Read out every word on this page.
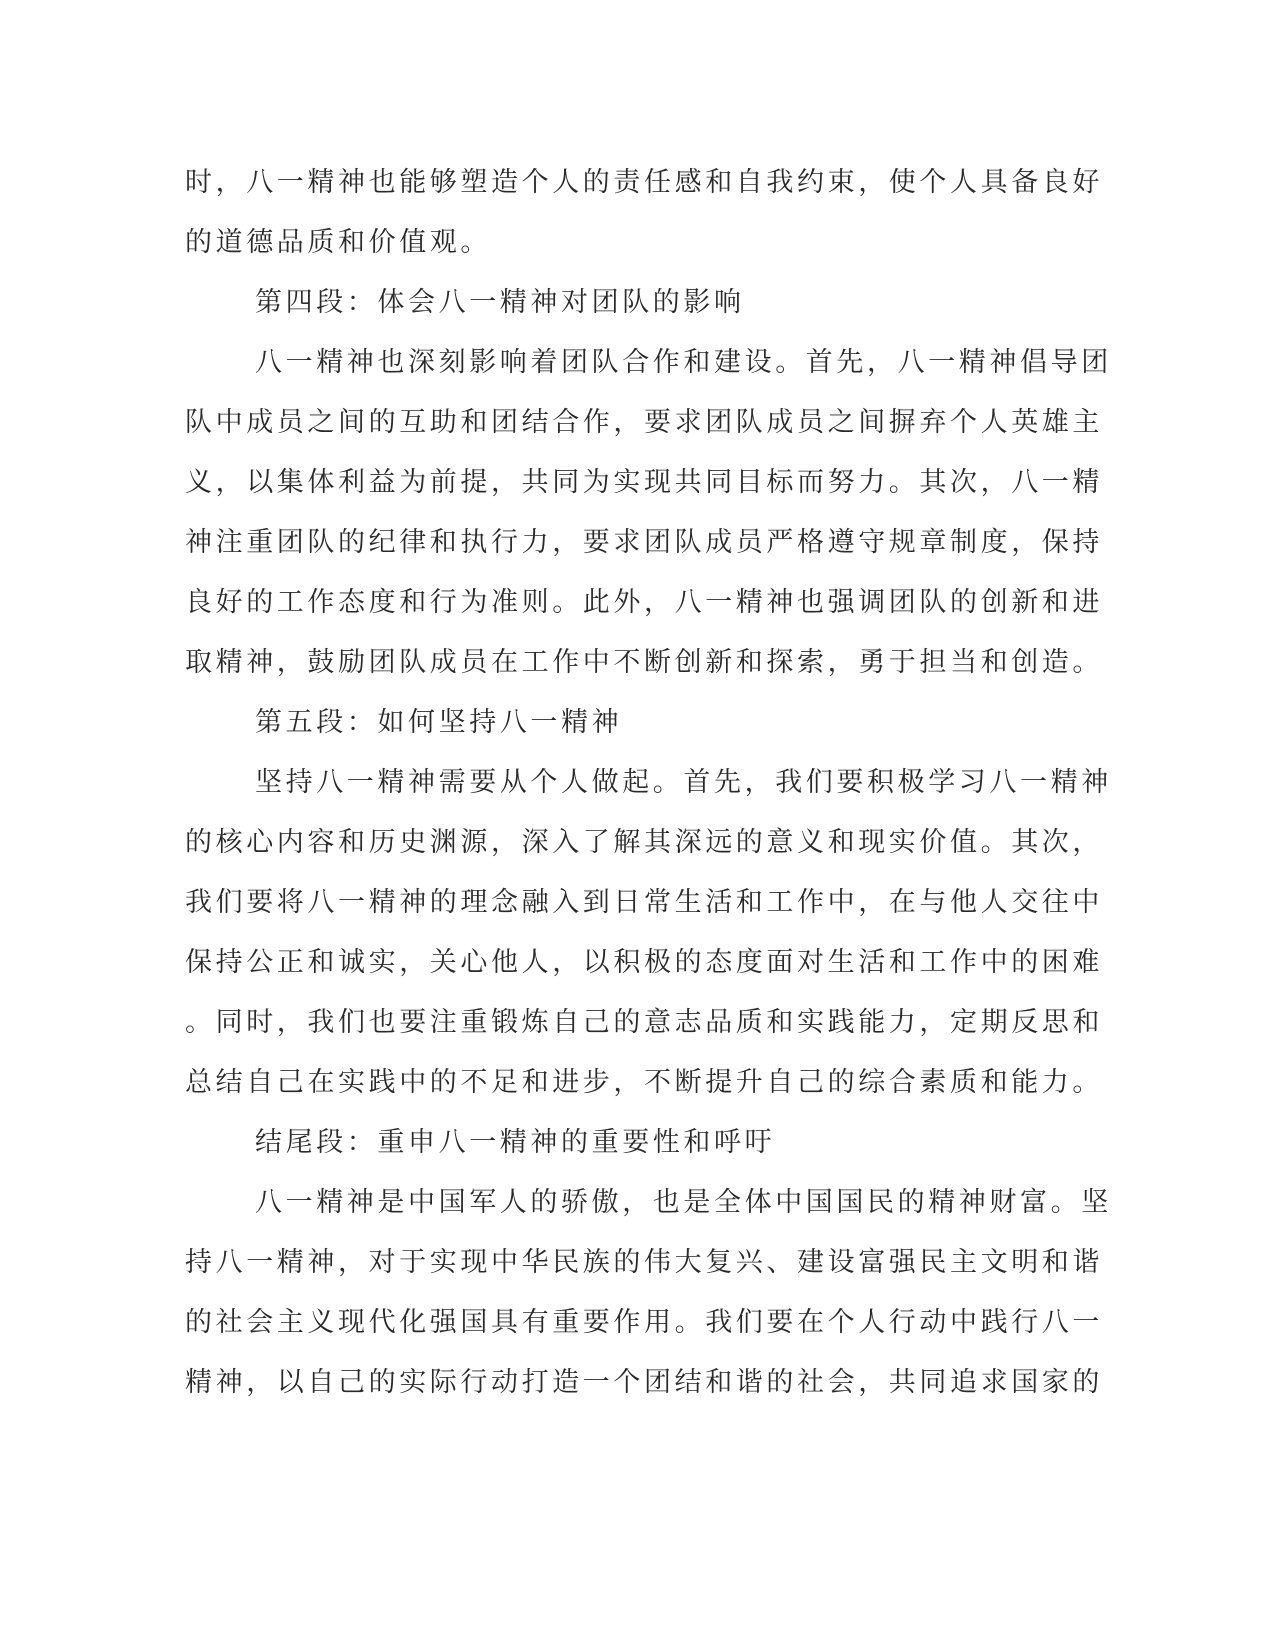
时，八一精神也能够塑造个人的责任感和自我约束，使个人具备良好
的道德品质和价值观。
第四段：体会八一精神对团队的影响
八一精神也深刻影响着团队合作和建设。首先，八一精神倡导团
队中成员之间的互助和团结合作，要求团队成员之间摒弃个人英雄主
义，以集体利益为前提，共同为实现共同目标而努力。其次，八一精
神注重团队的纪律和执行力，要求团队成员严格遵守规章制度，保持
良好的工作态度和行为准则。此外，八一精神也强调团队的创新和进
取精神，鼓励团队成员在工作中不断创新和探索，勇于担当和创造。
第五段：如何坚持八一精神
坚持八一精神需要从个人做起。首先，我们要积极学习八一精神
的核心内容和历史渊源，深入了解其深远的意义和现实价值。其次，
我们要将八一精神的理念融入到日常生活和工作中，在与他人交往中
保持公正和诚实，关心他人，以积极的态度面对生活和工作中的困难
。同时，我们也要注重锻炼自己的意志品质和实践能力，定期反思和
总结自己在实践中的不足和进步，不断提升自己的综合素质和能力。
结尾段：重申八一精神的重要性和呼吁
八一精神是中国军人的骄傲，也是全体中国国民的精神财富。坚
持八一精神，对于实现中华民族的伟大复兴、建设富强民主文明和谐
的社会主义现代化强国具有重要作用。我们要在个人行动中践行八一
精神，以自己的实际行动打造一个团结和谐的社会，共同追求国家的
